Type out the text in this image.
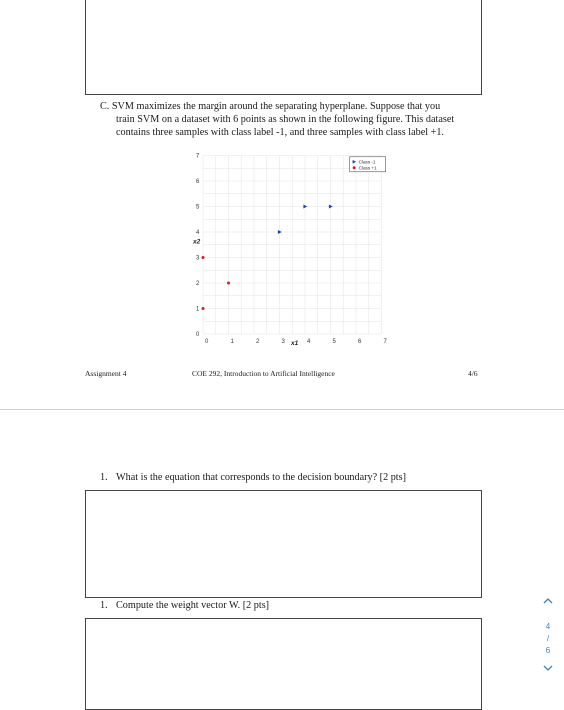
C. SVM maximizes the margin around the separating hyperplane. Suppose that you
train SVM on a dataset with 6 points as shown in the following figure. This dataset
contains three samples with class label -1, and three samples with class label +1.
0	1	2	3	4	5	6	7
0
1
2
3
4
5
6
7
x1
x2
Class -1
Class +1
Assignment 4	COE 292, Introduction to Artificial Intelligence	4/6
1. What is the equation that corresponds to the decision boundary? [2 pts]
1. Compute the weight vector W. [2 pts]
4
/
6
